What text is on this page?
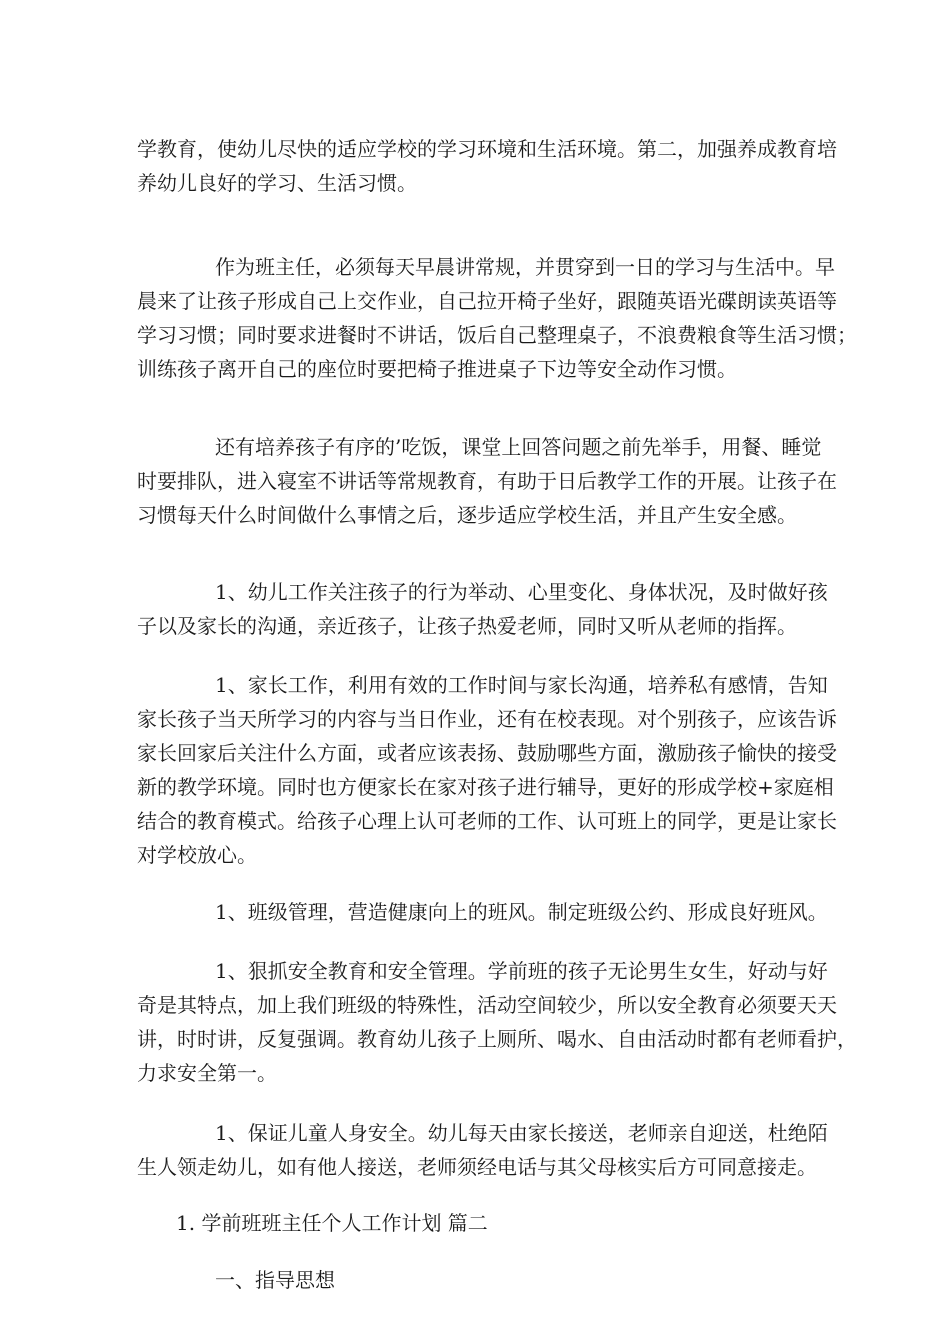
学教育，使幼儿尽快的适应学校的学习环境和生活环境。第二，加强养成教育培
养幼儿良好的学习、生活习惯。
作为班主任，必须每天早晨讲常规，并贯穿到一日的学习与生活中。早
晨来了让孩子形成自己上交作业，自己拉开椅子坐好，跟随英语光碟朗读英语等
学习习惯；同时要求进餐时不讲话，饭后自己整理桌子，不浪费粮食等生活习惯；
训练孩子离开自己的座位时要把椅子推进桌子下边等安全动作习惯。
还有培养孩子有序的’吃饭，课堂上回答问题之前先举手，用餐、睡觉
时要排队，进入寝室不讲话等常规教育，有助于日后教学工作的开展。让孩子在
习惯每天什么时间做什么事情之后，逐步适应学校生活，并且产生安全感。
1、幼儿工作关注孩子的行为举动、心里变化、身体状况，及时做好孩
子以及家长的沟通，亲近孩子，让孩子热爱老师，同时又听从老师的指挥。
1、家长工作，利用有效的工作时间与家长沟通，培养私有感情，告知
家长孩子当天所学习的内容与当日作业，还有在校表现。对个别孩子，应该告诉
家长回家后关注什么方面，或者应该表扬、鼓励哪些方面，激励孩子愉快的接受
新的教学环境。同时也方便家长在家对孩子进行辅导，更好的形成学校+家庭相
结合的教育模式。给孩子心理上认可老师的工作、认可班上的同学，更是让家长
对学校放心。
1、班级管理，营造健康向上的班风。制定班级公约、形成良好班风。
1、狠抓安全教育和安全管理。学前班的孩子无论男生女生，好动与好
奇是其特点，加上我们班级的特殊性，活动空间较少，所以安全教育必须要天天
讲，时时讲，反复强调。教育幼儿孩子上厕所、喝水、自由活动时都有老师看护，
力求安全第一。
1、保证儿童人身安全。幼儿每天由家长接送，老师亲自迎送，杜绝陌
生人领走幼儿，如有他人接送，老师须经电话与其父母核实后方可同意接走。
1. 学前班班主任个人工作计划 篇二
一、指导思想
